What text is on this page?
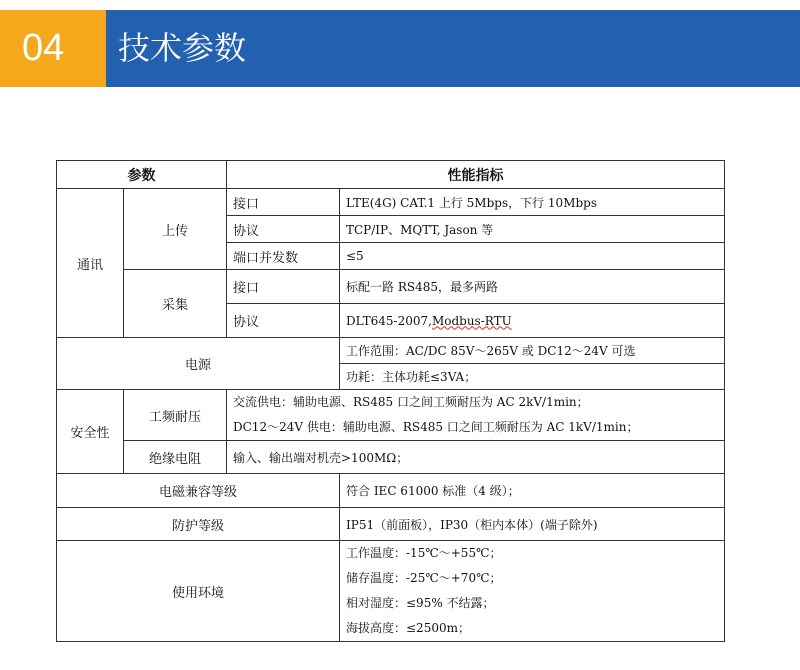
04	技术参数
参数		性能指标	
通讯	上传	接口	LTE(4G) CAT.1 上行 5Mbps，下行 10Mbps
		协议	TCP/IP、MQTT, Jason 等
		端口并发数	≤5
	采集	接口	标配一路 RS485，最多两路
		协议	DLT645-2007,Modbus-RTU
电源			工作范围：AC/DC 85V～265V 或 DC12～24V 可选
			功耗：主体功耗≤3VA；
安全性	工频耐压	交流供电：辅助电源、RS485 口之间工频耐压为 AC 2kV/1min；
DC12～24V 供电：辅助电源、RS485 口之间工频耐压为 AC 1kV/1min；	

	绝缘电阻	输入、输出端对机壳>100MΩ；	
电磁兼容等级			符合 IEC 61000 标准（4 级）；
防护等级			IP51（前面板），IP30（柜内本体）(端子除外)
使用环境			工作温度：-15℃～+55℃；
储存温度：-25℃～+70℃；
相对湿度：≤95% 不结露；
海拔高度：≤2500m；
